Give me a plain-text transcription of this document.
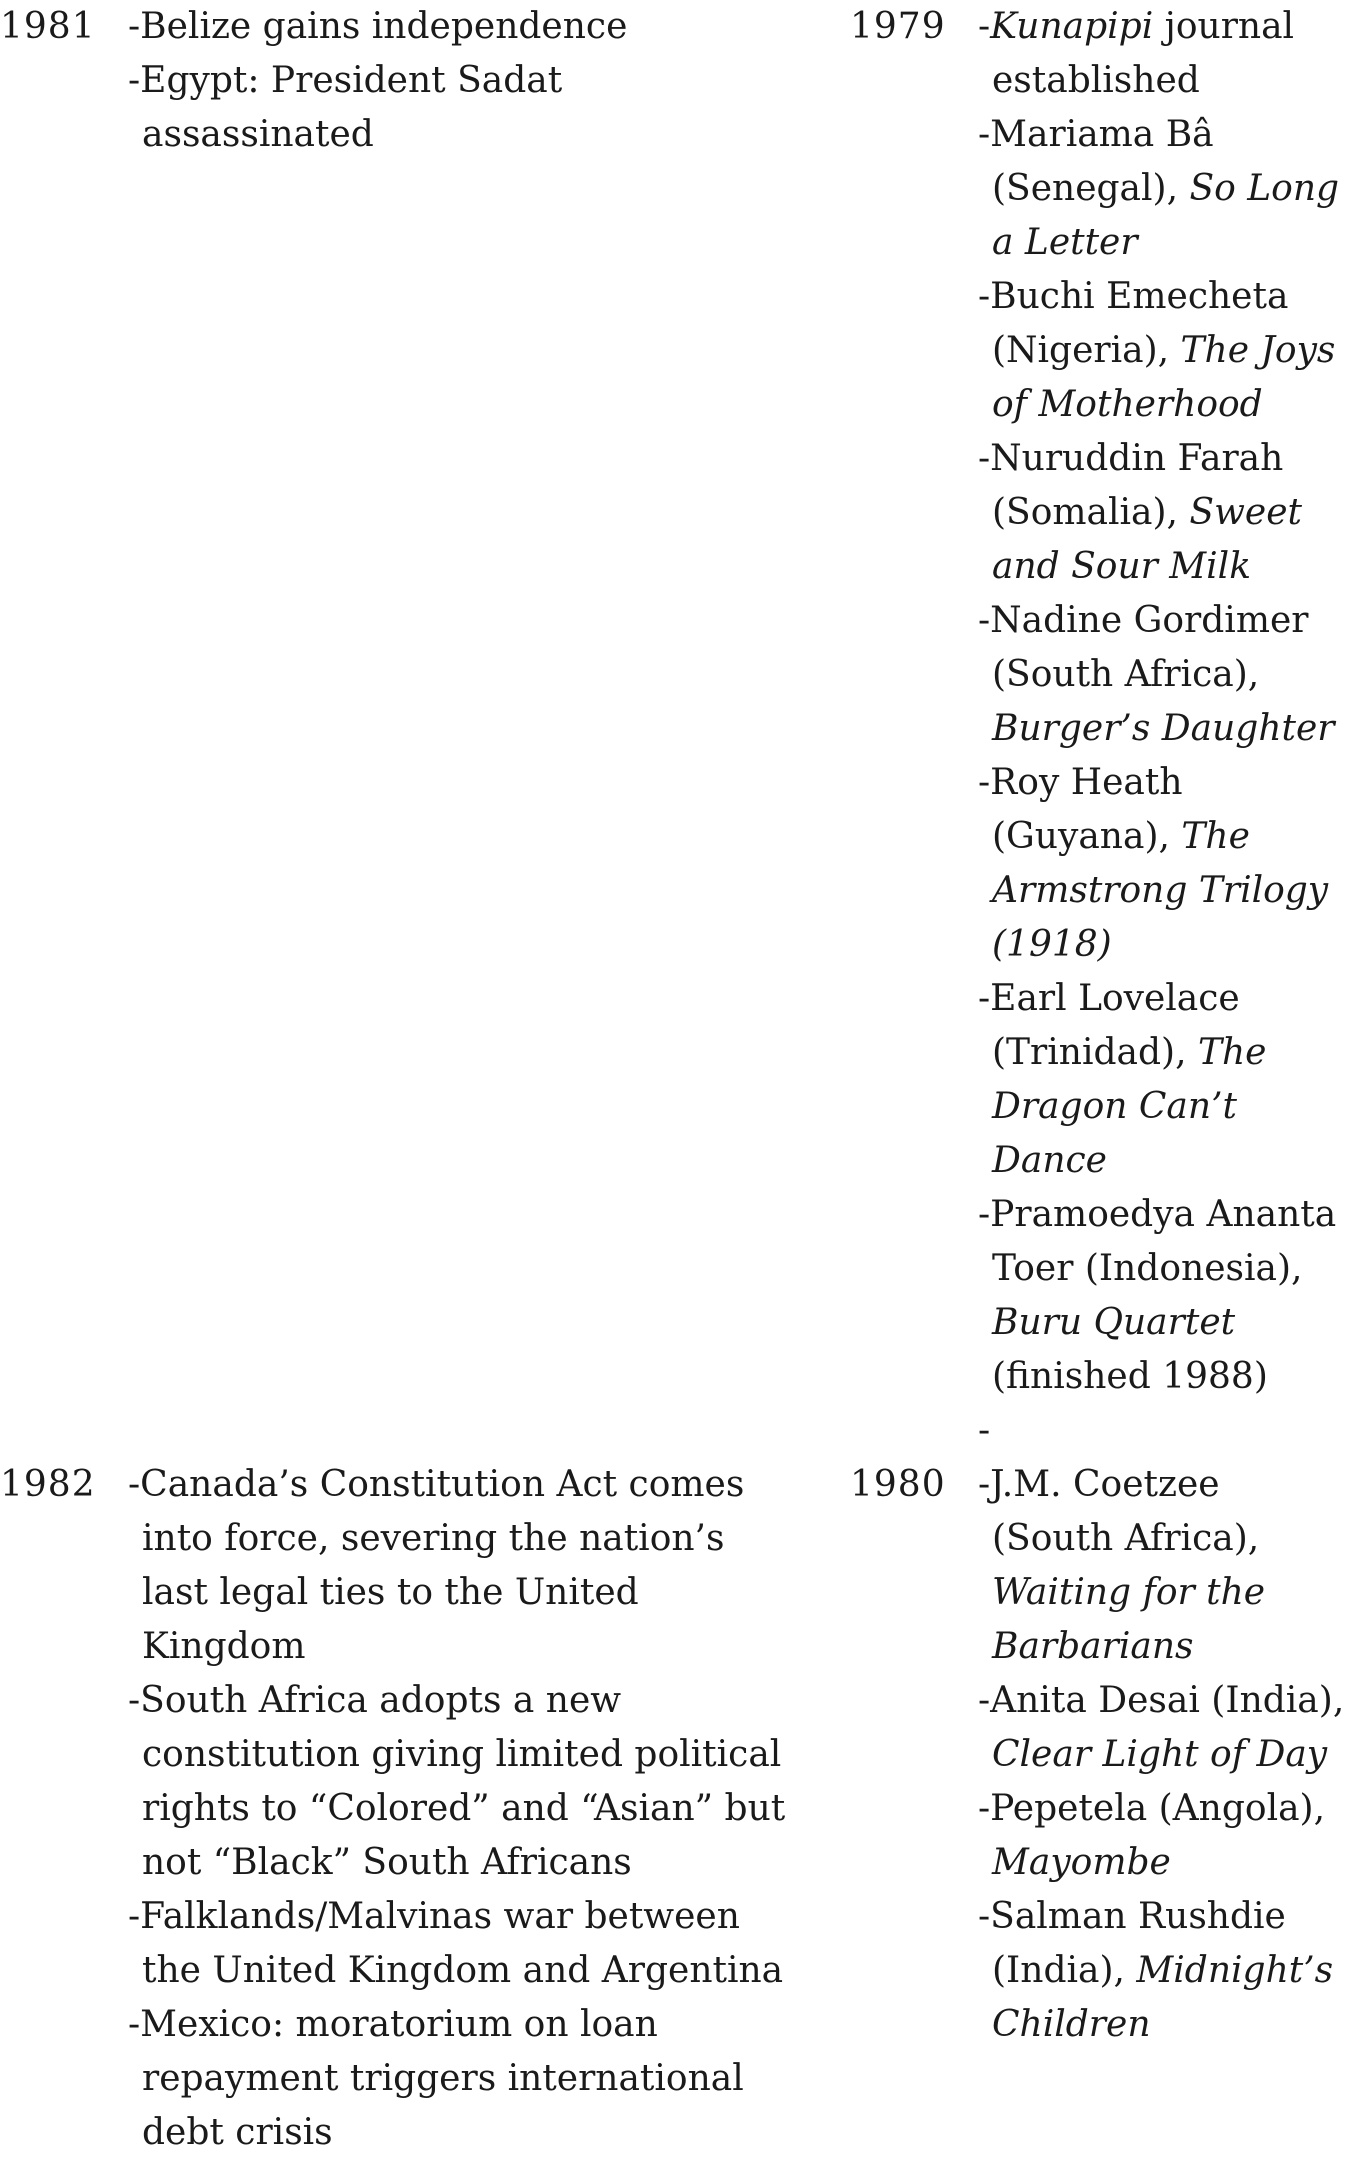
1981 -Belize gains independence
-Egypt: President Sadat assassinated
1982 -Canada’s Constitution Act comes into force, severing the nation’s last legal ties to the United Kingdom
-South Africa adopts a new constitution giving limited political rights to “Colored” and “Asian” but not “Black” South Africans
-Falklands/Malvinas war between the United Kingdom and Argentina
-Mexico: moratorium on loan repayment triggers international debt crisis
1979 -Kunapipi journal established
-Mariama Bâ (Senegal), So Long a Letter
-Buchi Emecheta (Nigeria), The Joys of Motherhood
-Nuruddin Farah (Somalia), Sweet and Sour Milk
-Nadine Gordimer (South Africa), Burger’s Daughter
-Roy Heath (Guyana), The Armstrong Trilogy (1918)
-Earl Lovelace (Trinidad), The Dragon Can’t Dance
-Pramoedya Ananta Toer (Indonesia), Buru Quartet (finished 1988)
-
1980 -J.M. Coetzee (South Africa), Waiting for the Barbarians
-Anita Desai (India), Clear Light of Day
-Pepetela (Angola), Mayombe
-Salman Rushdie (India), Midnight’s Children
